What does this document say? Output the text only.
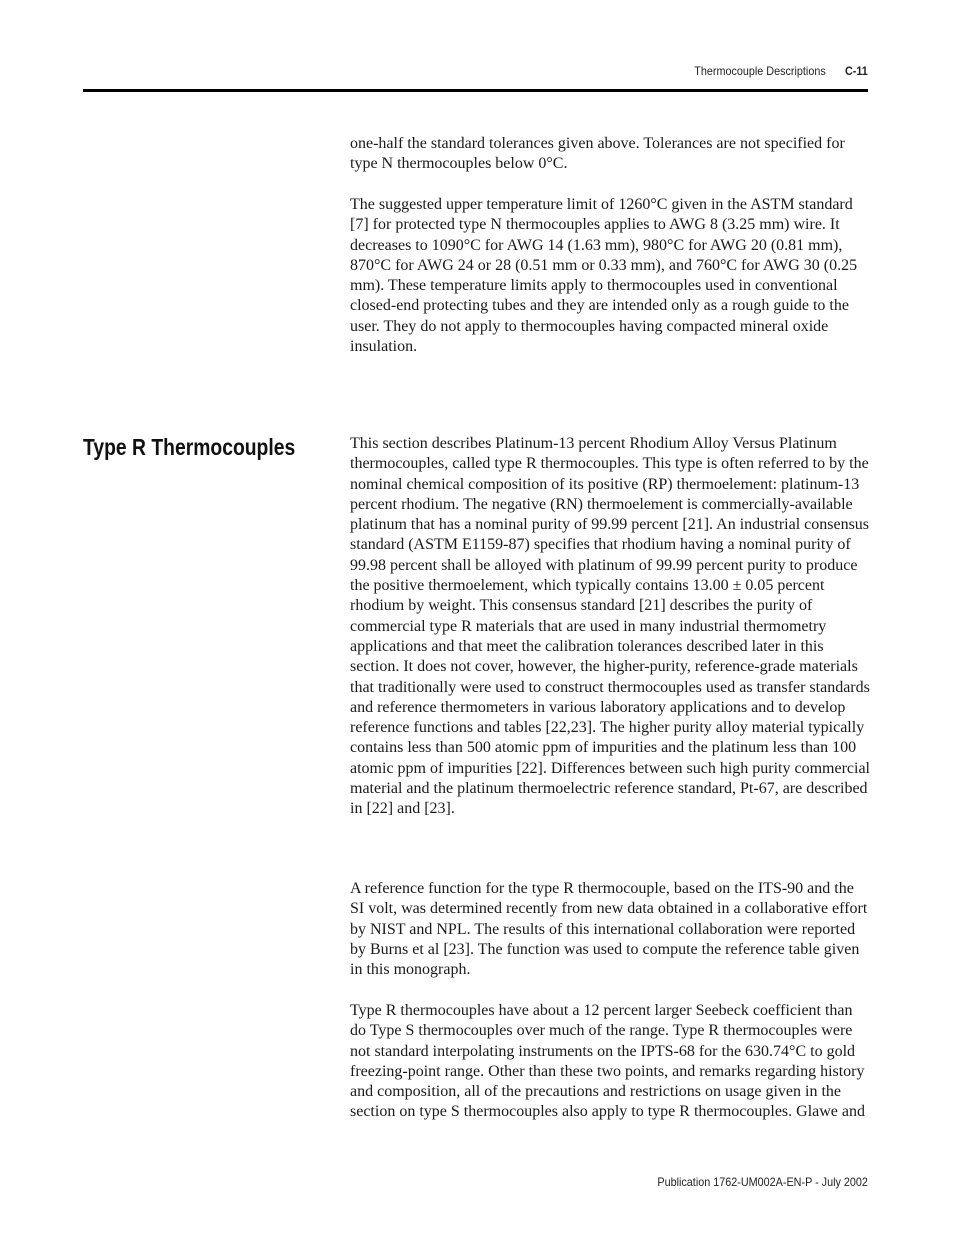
Thermocouple Descriptions C-11

one-half the standard tolerances given above. Tolerances are not specified for type N thermocouples below 0°C.

The suggested upper temperature limit of 1260°C given in the ASTM standard [7] for protected type N thermocouples applies to AWG 8 (3.25 mm) wire. It decreases to 1090°C for AWG 14 (1.63 mm), 980°C for AWG 20 (0.81 mm), 870°C for AWG 24 or 28 (0.51 mm or 0.33 mm), and 760°C for AWG 30 (0.25 mm). These temperature limits apply to thermocouples used in conventional closed-end protecting tubes and they are intended only as a rough guide to the user. They do not apply to thermocouples having compacted mineral oxide insulation.

Type R Thermocouples	This section describes Platinum-13 percent Rhodium Alloy Versus Platinum thermocouples, called type R thermocouples. This type is often referred to by the nominal chemical composition of its positive (RP) thermoelement: platinum-13 percent rhodium. The negative (RN) thermoelement is commercially-available platinum that has a nominal purity of 99.99 percent [21]. An industrial consensus standard (ASTM E1159-87) specifies that rhodium having a nominal purity of 99.98 percent shall be alloyed with platinum of 99.99 percent purity to produce the positive thermoelement, which typically contains 13.00 ± 0.05 percent rhodium by weight. This consensus standard [21] describes the purity of commercial type R materials that are used in many industrial thermometry applications and that meet the calibration tolerances described later in this section. It does not cover, however, the higher-purity, reference-grade materials that traditionally were used to construct thermocouples used as transfer standards and reference thermometers in various laboratory applications and to develop reference functions and tables [22,23]. The higher purity alloy material typically contains less than 500 atomic ppm of impurities and the platinum less than 100 atomic ppm of impurities [22]. Differences between such high purity commercial material and the platinum thermoelectric reference standard, Pt-67, are described in [22] and [23].

A reference function for the type R thermocouple, based on the ITS-90 and the SI volt, was determined recently from new data obtained in a collaborative effort by NIST and NPL. The results of this international collaboration were reported by Burns et al [23]. The function was used to compute the reference table given in this monograph.

Type R thermocouples have about a 12 percent larger Seebeck coefficient than do Type S thermocouples over much of the range. Type R thermocouples were not standard interpolating instruments on the IPTS-68 for the 630.74°C to gold freezing-point range. Other than these two points, and remarks regarding history and composition, all of the precautions and restrictions on usage given in the section on type S thermocouples also apply to type R thermocouples. Glawe and

Publication 1762-UM002A-EN-P - July 2002
